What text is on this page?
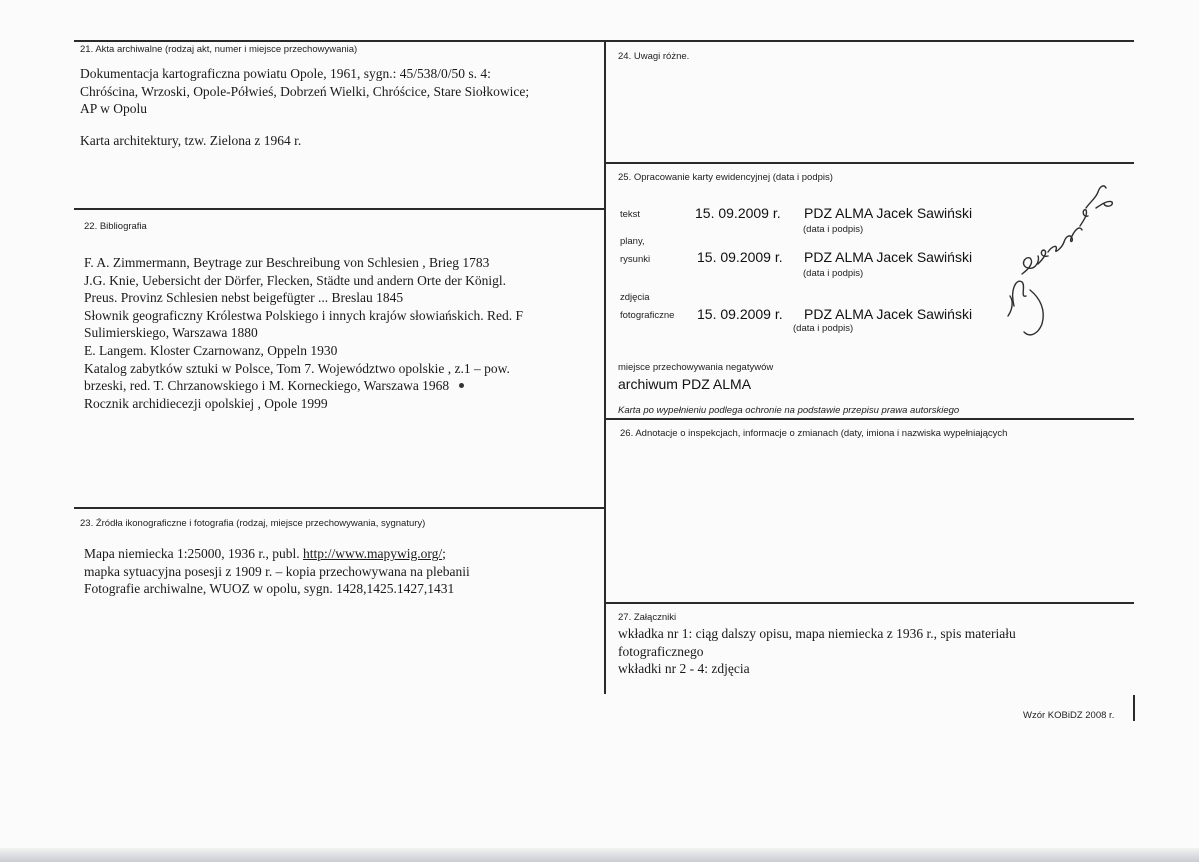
21. Akta archiwalne (rodzaj akt, numer i miejsce przechowywania)
Dokumentacja kartograficzna powiatu Opole, 1961, sygn.: 45/538/0/50 s. 4:
Chróścina, Wrzoski, Opole-Półwieś, Dobrzeń Wielki, Chróścice, Stare Siołkowice;
AP w Opolu
Karta architektury, tzw. Zielona z 1964 r.
22. Bibliografia
F. A. Zimmermann, Beytrage zur Beschreibung von Schlesien , Brieg 1783
J.G. Knie, Uebersicht der Dörfer, Flecken, Städte und andern Orte der Königl.
Preus. Provinz Schlesien nebst beigefügter ... Breslau 1845
Słownik geograficzny Królestwa Polskiego i innych krajów słowiańskich. Red. F
Sulimierskiego, Warszawa 1880
E. Langem. Kloster Czarnowanz, Oppeln 1930
Katalog zabytków sztuki w Polsce, Tom 7. Województwo opolskie , z.1 – pow.
brzeski, red. T. Chrzanowskiego i M. Korneckiego, Warszawa 1968
Rocznik archidiecezji opolskiej , Opole 1999
23. Źródła ikonograficzne i fotografia (rodzaj, miejsce przechowywania, sygnatury)
Mapa niemiecka 1:25000, 1936 r., publ. http://www.mapywig.org/;
mapka sytuacyjna posesji z 1909 r. – kopia przechowywana na plebanii
Fotografie archiwalne, WUOZ w opolu, sygn. 1428,1425.1427,1431
24. Uwagi różne.
25. Opracowanie karty ewidencyjnej (data i podpis)
tekst	15. 09.2009 r. PDZ ALMA Jacek Sawiński
(data i podpis)
plany,
rysunki	15. 09.2009 r. PDZ ALMA Jacek Sawiński
(data i podpis)
zdjęcia
fotograficzne 15. 09.2009 r. PDZ ALMA Jacek Sawiński
(data i podpis)
miejsce przechowywania negatywów
archiwum PDZ ALMA
Karta po wypełnieniu podlega ochronie na podstawie przepisu prawa autorskiego
26. Adnotacje o inspekcjach, informacje o zmianach (daty, imiona i nazwiska wypełniających
27. Załączniki
wkładka nr 1: ciąg dalszy opisu, mapa niemiecka z 1936 r., spis materiału
fotograficznego
wkładki nr 2 - 4: zdjęcia
Wzór KOBiDZ 2008 r.
